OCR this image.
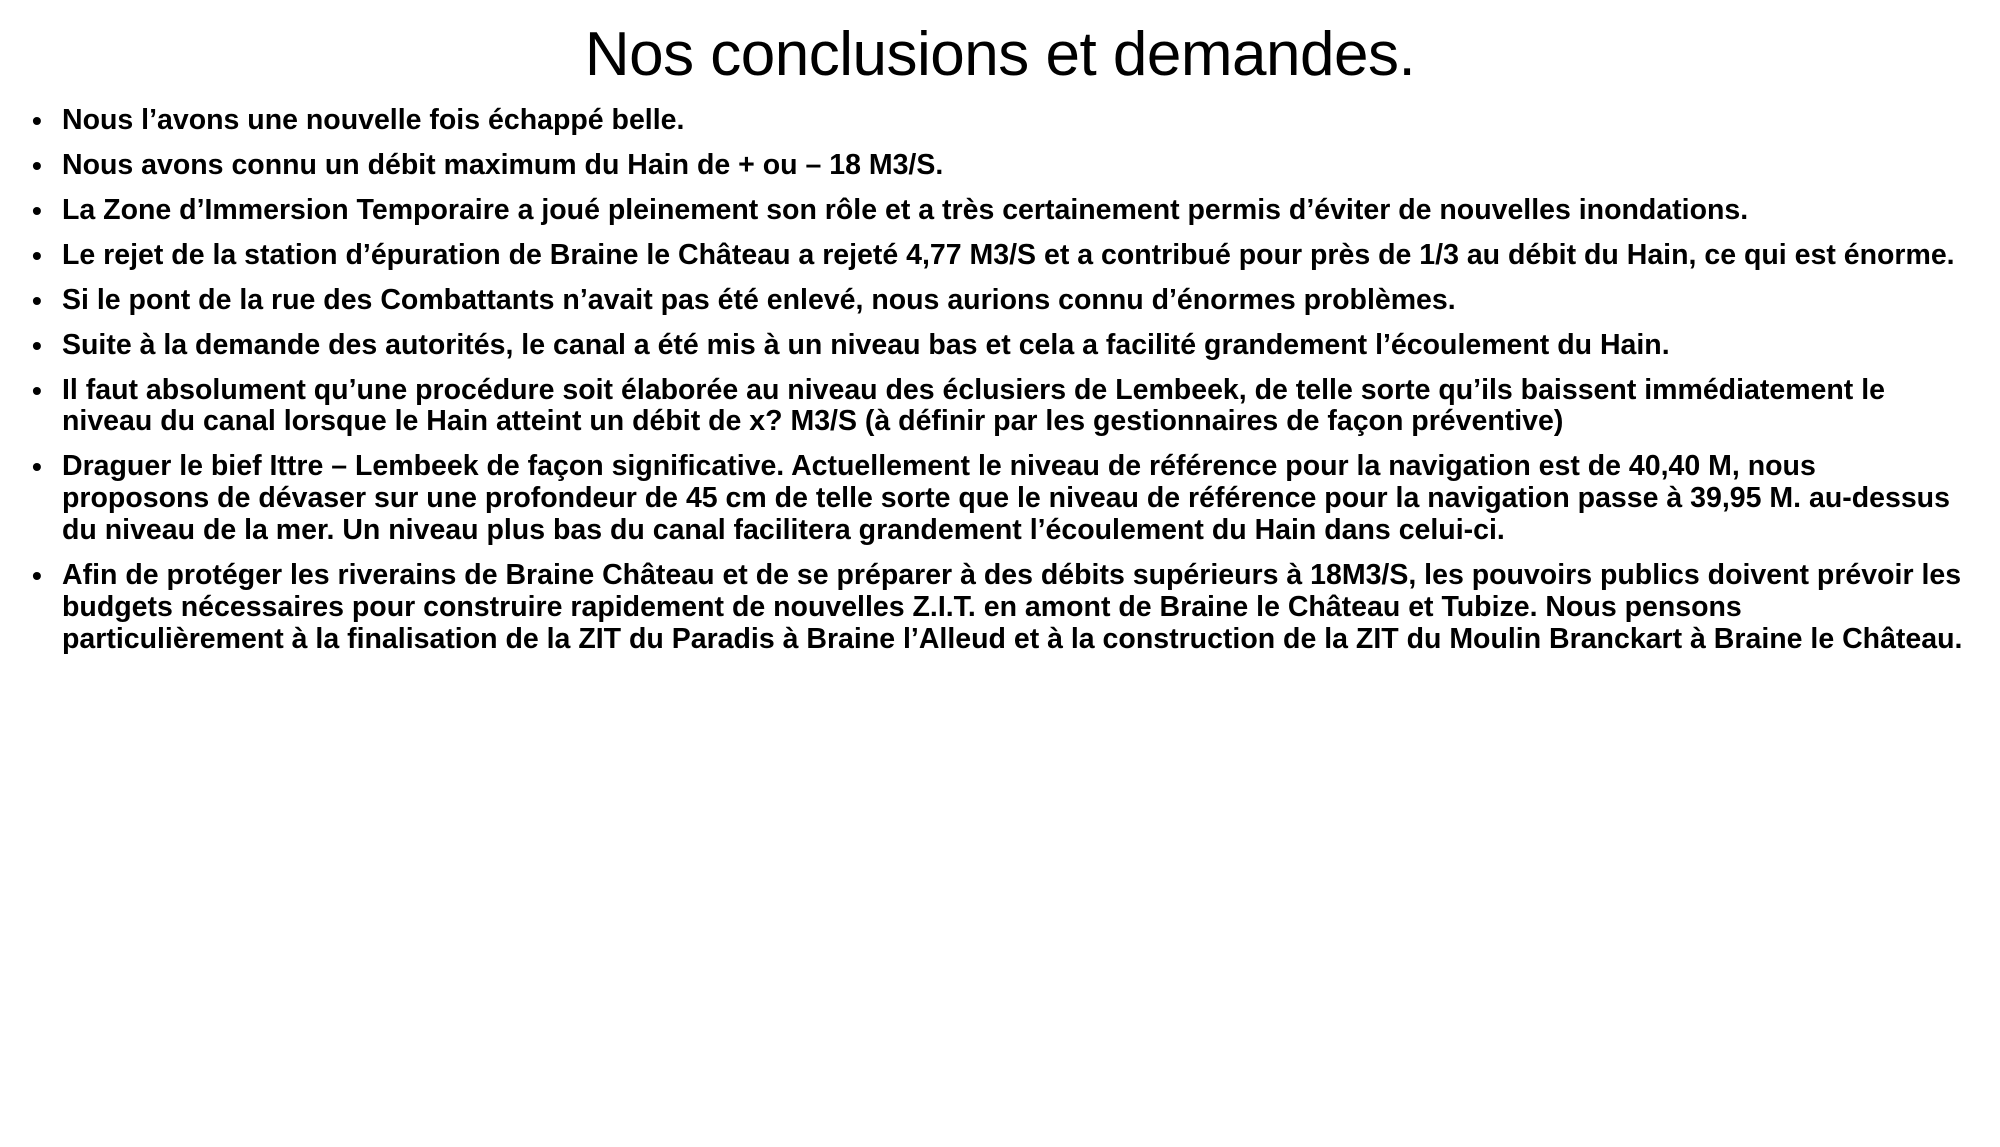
Nos conclusions et demandes.
• Nous l’avons une nouvelle fois échappé belle.
• Nous avons connu un débit maximum du Hain de + ou – 18 M3/S.
• La Zone d’Immersion Temporaire a joué pleinement son rôle et a très certainement permis d’éviter de nouvelles inondations.
• Le rejet de la station d’épuration de Braine le Château a rejeté 4,77 M3/S et a contribué pour près de 1/3 au débit du Hain, ce qui est énorme.
• Si le pont de la rue des Combattants n’avait pas été enlevé, nous aurions connu d’énormes problèmes.
• Suite à la demande des autorités, le canal a été mis à un niveau bas et cela a facilité grandement l’écoulement du Hain.
• Il faut absolument qu’une procédure soit élaborée au niveau des éclusiers de Lembeek, de telle sorte qu’ils baissent immédiatement le niveau du canal lorsque le Hain atteint un débit de x? M3/S (à définir par les gestionnaires de façon préventive)
• Draguer le bief Ittre – Lembeek de façon significative. Actuellement le niveau de référence pour la navigation est de 40,40 M, nous proposons de dévaser sur une profondeur de 45 cm de telle sorte que le niveau de référence pour la navigation passe à 39,95 M. au-dessus du niveau de la mer. Un niveau plus bas du canal facilitera grandement l’écoulement du Hain dans celui-ci.
• Afin de protéger les riverains de Braine Château et de se préparer à des débits supérieurs à 18M3/S, les pouvoirs publics doivent prévoir les budgets nécessaires pour construire rapidement de nouvelles Z.I.T. en amont de Braine le Château et Tubize. Nous pensons particulièrement à la finalisation de la ZIT du Paradis à Braine l’Alleud et à la construction de la ZIT du Moulin Branckart à Braine le Château.
